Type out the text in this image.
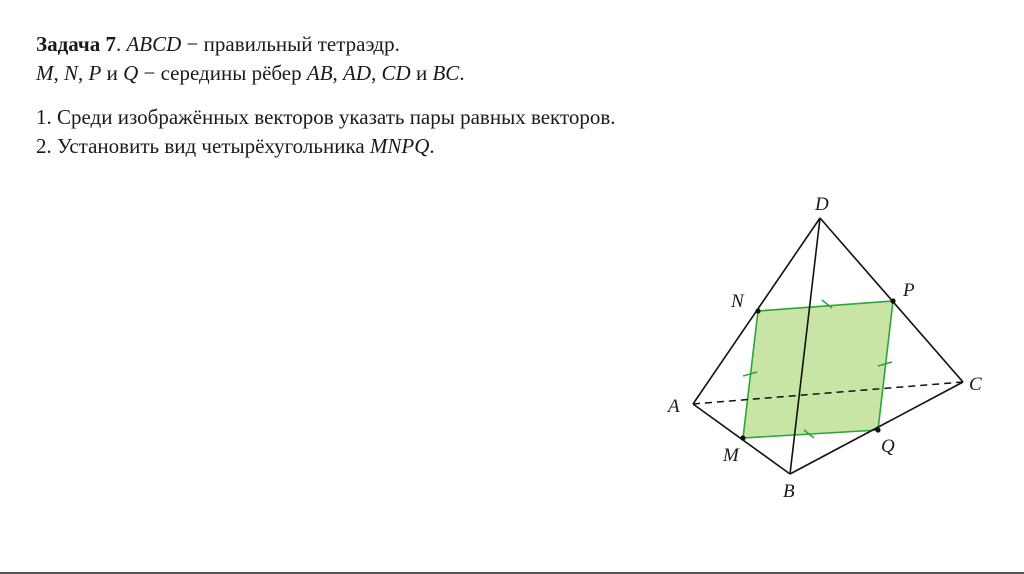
Задача 7. ABCD − правильный тетраэдр.
M, N, P и Q − середины рёбер AB, AD, CD и BC.
1. Среди изображённых векторов указать пары равных векторов.
2. Установить вид четырёхугольника MNPQ.
D
A
B
C
M
N
P
Q
